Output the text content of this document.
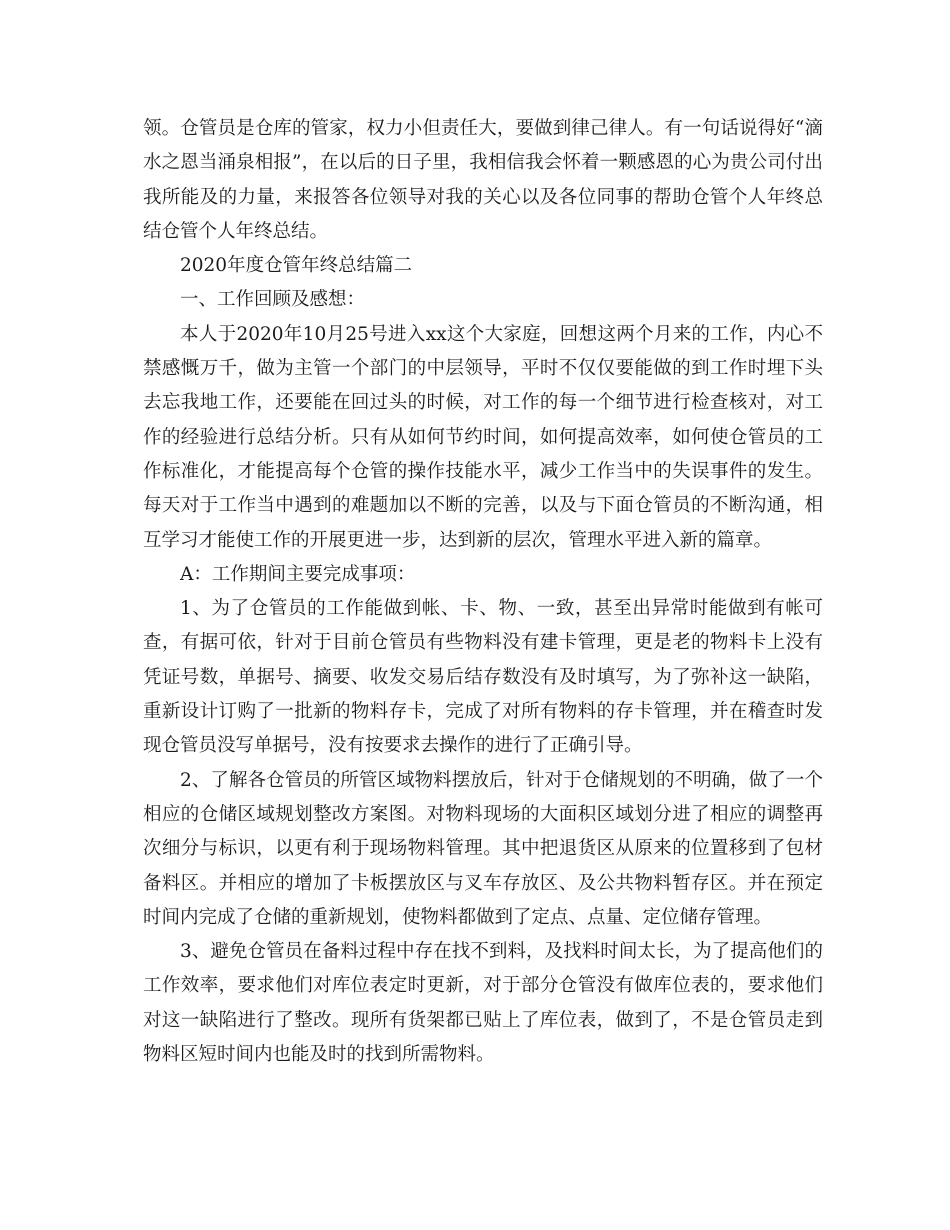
领。仓管员是仓库的管家，权力小但责任大，要做到律己律人。有一句话说得好“滴水之恩当涌泉相报”，在以后的日子里，我相信我会怀着一颗感恩的心为贵公司付出我所能及的力量，来报答各位领导对我的关心以及各位同事的帮助仓管个人年终总结仓管个人年终总结。

2020年度仓管年终总结篇二

一、工作回顾及感想：

本人于2020年10月25号进入xx这个大家庭，回想这两个月来的工作，内心不禁感慨万千，做为主管一个部门的中层领导，平时不仅仅要能做的到工作时埋下头去忘我地工作，还要能在回过头的时候，对工作的每一个细节进行检查核对，对工作的经验进行总结分析。只有从如何节约时间，如何提高效率，如何使仓管员的工作标准化，才能提高每个仓管的操作技能水平，减少工作当中的失误事件的发生。每天对于工作当中遇到的难题加以不断的完善，以及与下面仓管员的不断沟通，相互学习才能使工作的开展更进一步，达到新的层次，管理水平进入新的篇章。

A：工作期间主要完成事项：

1、为了仓管员的工作能做到帐、卡、物、一致，甚至出异常时能做到有帐可查，有据可依，针对于目前仓管员有些物料没有建卡管理，更是老的物料卡上没有凭证号数，单据号、摘要、收发交易后结存数没有及时填写，为了弥补这一缺陷，重新设计订购了一批新的物料存卡，完成了对所有物料的存卡管理，并在稽查时发现仓管员没写单据号，没有按要求去操作的进行了正确引导。

2、了解各仓管员的所管区域物料摆放后，针对于仓储规划的不明确，做了一个相应的仓储区域规划整改方案图。对物料现场的大面积区域划分进了相应的调整再次细分与标识，以更有利于现场物料管理。其中把退货区从原来的位置移到了包材备料区。并相应的增加了卡板摆放区与叉车存放区、及公共物料暂存区。并在预定时间内完成了仓储的重新规划，使物料都做到了定点、点量、定位储存管理。

3、避免仓管员在备料过程中存在找不到料，及找料时间太长，为了提高他们的工作效率，要求他们对库位表定时更新，对于部分仓管没有做库位表的，要求他们对这一缺陷进行了整改。现所有货架都已贴上了库位表，做到了，不是仓管员走到物料区短时间内也能及时的找到所需物料。
